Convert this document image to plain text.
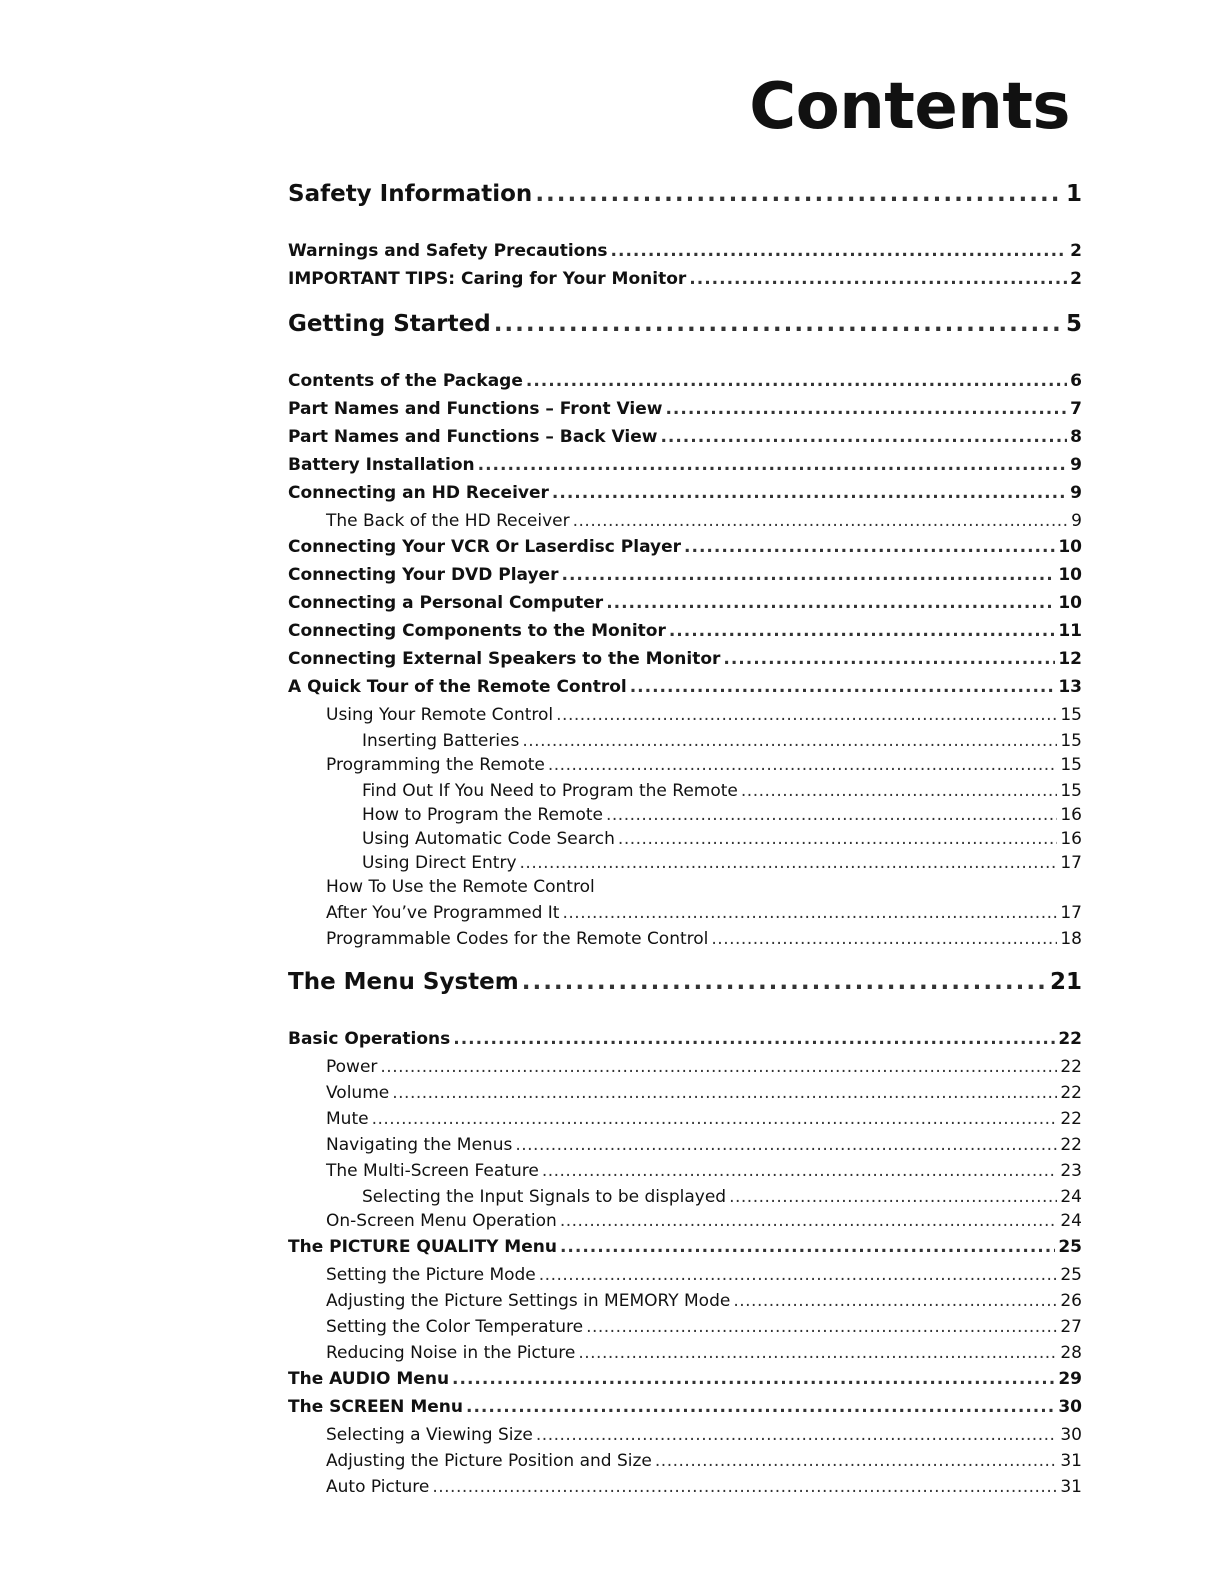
Contents
Safety Information .....	1
Warnings and Safety Precautions .....	2
IMPORTANT TIPS: Caring for Your Monitor .....	2
Getting Started .....	5
Contents of the Package .....	6
Part Names and Functions – Front View .....	7
Part Names and Functions – Back View .....	8
Battery Installation .....	9
Connecting an HD Receiver .....	9
The Back of the HD Receiver .....	9
Connecting Your VCR Or Laserdisc Player .....	10
Connecting Your DVD Player .....	10
Connecting a Personal Computer .....	10
Connecting Components to the Monitor .....	11
Connecting External Speakers to the Monitor .....	12
A Quick Tour of the Remote Control .....	13
Using Your Remote Control .....	15
Inserting Batteries .....	15
Programming the Remote .....	15
Find Out If You Need to Program the Remote .....	15
How to Program the Remote .....	16
Using Automatic Code Search .....	16
Using Direct Entry .....	17
How To Use the Remote Control
After You’ve Programmed It .....	17
Programmable Codes for the Remote Control .....	18
The Menu System .....	21
Basic Operations .....	22
Power .....	22
Volume .....	22
Mute .....	22
Navigating the Menus .....	22
The Multi-Screen Feature .....	23
Selecting the Input Signals to be displayed .....	24
On-Screen Menu Operation .....	24
The PICTURE QUALITY Menu .....	25
Setting the Picture Mode .....	25
Adjusting the Picture Settings in MEMORY Mode .....	26
Setting the Color Temperature .....	27
Reducing Noise in the Picture .....	28
The AUDIO Menu .....	29
The SCREEN Menu .....	30
Selecting a Viewing Size .....	30
Adjusting the Picture Position and Size .....	31
Auto Picture .....	31
